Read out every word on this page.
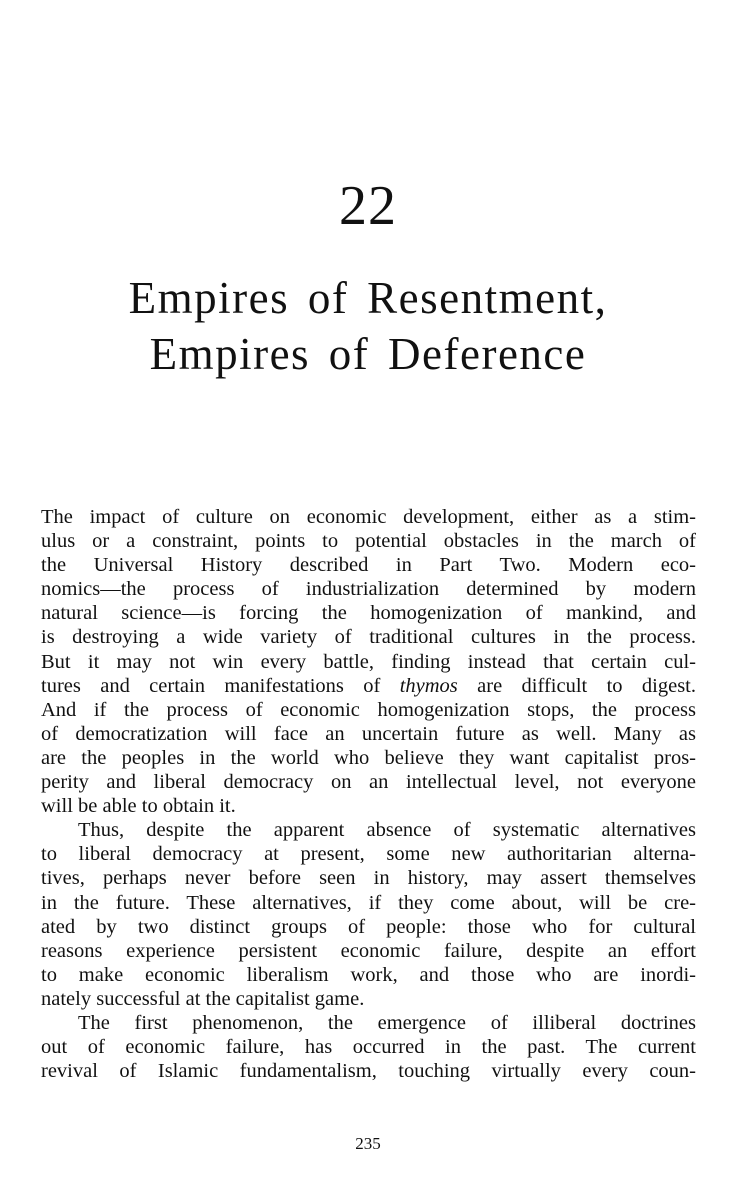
22
Empires of Resentment,
Empires of Deference
The impact of culture on economic development, either as a stim-
ulus or a constraint, points to potential obstacles in the march of
the Universal History described in Part Two. Modern eco-
nomics—the process of industrialization determined by modern
natural science—is forcing the homogenization of mankind, and
is destroying a wide variety of traditional cultures in the process.
But it may not win every battle, finding instead that certain cul-
tures and certain manifestations of thymos are difficult to digest.
And if the process of economic homogenization stops, the process
of democratization will face an uncertain future as well. Many as
are the peoples in the world who believe they want capitalist pros-
perity and liberal democracy on an intellectual level, not everyone
will be able to obtain it.
Thus, despite the apparent absence of systematic alternatives
to liberal democracy at present, some new authoritarian alterna-
tives, perhaps never before seen in history, may assert themselves
in the future. These alternatives, if they come about, will be cre-
ated by two distinct groups of people: those who for cultural
reasons experience persistent economic failure, despite an effort
to make economic liberalism work, and those who are inordi-
nately successful at the capitalist game.
The first phenomenon, the emergence of illiberal doctrines
out of economic failure, has occurred in the past. The current
revival of Islamic fundamentalism, touching virtually every coun-
235
